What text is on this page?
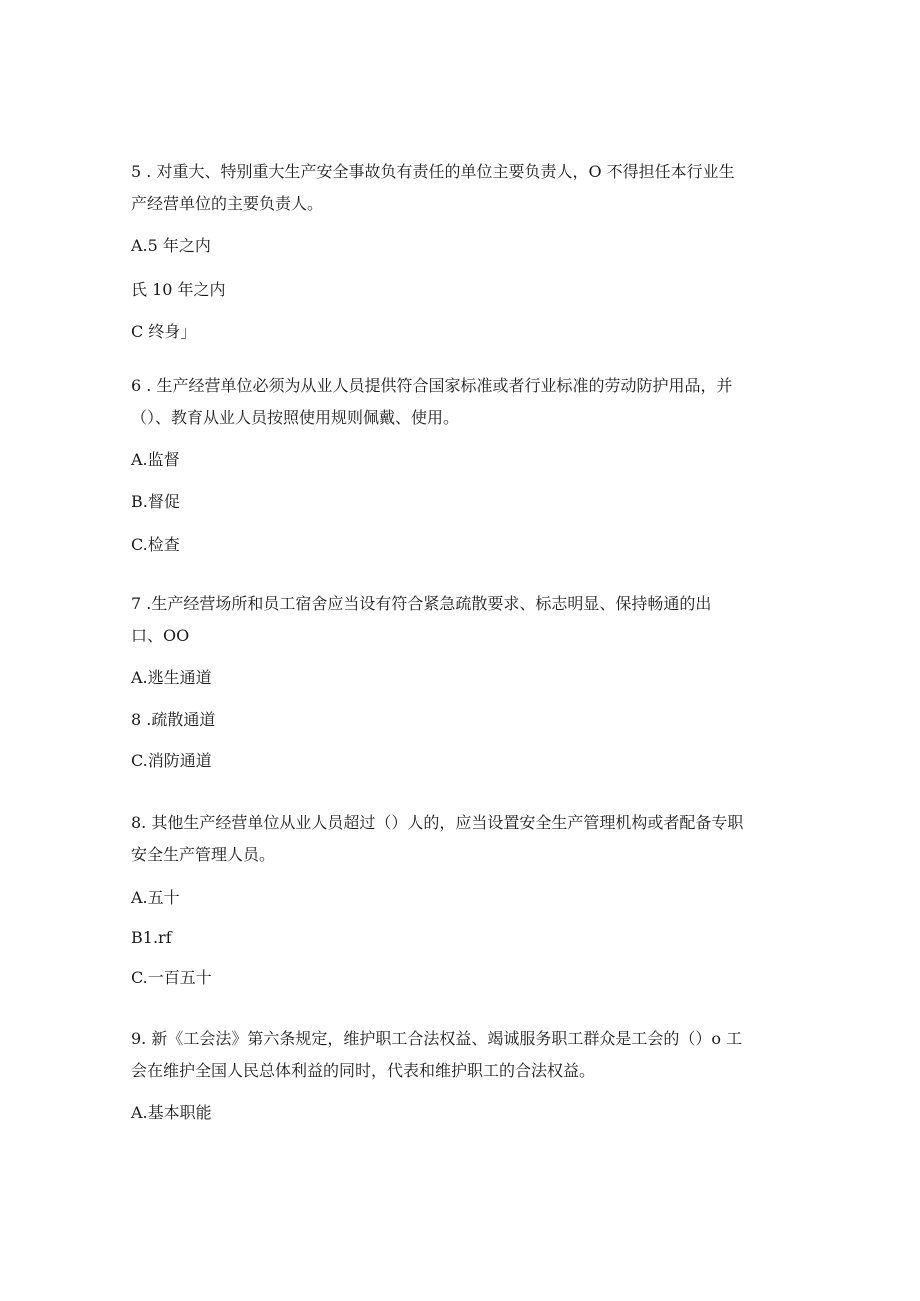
5 . 对重大、特别重大生产安全事故负有责任的单位主要负责人，O 不得担任本行业生
产经营单位的主要负责人。
A.5 年之内
氏 10 年之内
C 终身」
6 . 生产经营单位必须为从业人员提供符合国家标准或者行业标准的劳动防护用品，并
（）、教育从业人员按照使用规则佩戴、使用。
A.监督
B.督促
C.检查
7 .生产经营场所和员工宿舍应当设有符合紧急疏散要求、标志明显、保持畅通的出
口、OO
A.逃生通道
8 .疏散通道
C.消防通道
8. 其他生产经营单位从业人员超过（）人的，应当设置安全生产管理机构或者配备专职
安全生产管理人员。
A.五十
B1.rf
C.一百五十
9. 新《工会法》第六条规定，维护职工合法权益、竭诚服务职工群众是工会的（）o 工
会在维护全国人民总体利益的同时，代表和维护职工的合法权益。
A.基本职能
